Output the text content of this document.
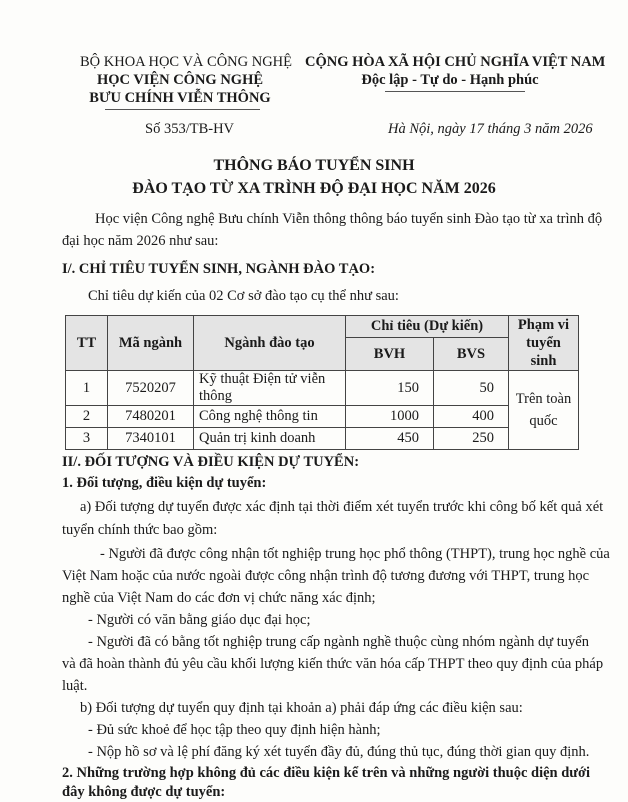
BỘ KHOA HỌC VÀ CÔNG NGHỆ
HỌC VIỆN CÔNG NGHỆ
BƯU CHÍNH VIỄN THÔNG
CỘNG HÒA XÃ HỘI CHỦ NGHĨA VIỆT NAM
Độc lập - Tự do - Hạnh phúc
Số 353/TB-HV	Hà Nội, ngày 17 tháng 3 năm 2026
THÔNG BÁO TUYỂN SINH
ĐÀO TẠO TỪ XA TRÌNH ĐỘ ĐẠI HỌC NĂM 2026
Học viện Công nghệ Bưu chính Viễn thông thông báo tuyển sinh Đào tạo từ xa trình độ
đại học năm 2026 như sau:
I/. CHỈ TIÊU TUYỂN SINH, NGÀNH ĐÀO TẠO:
Chỉ tiêu dự kiến của 02 Cơ sở đào tạo cụ thể như sau:
TT	Mã ngành	Ngành đào tạo	Chỉ tiêu (Dự kiến)		Phạm vi tuyển sinh
			BVH	BVS	
1	7520207	Kỹ thuật Điện tử viễn thông	150	50	Trên toàn quốc
2	7480201	Công nghệ thông tin	1000	400	
3	7340101	Quản trị kinh doanh	450	250	
II/. ĐỐI TƯỢNG VÀ ĐIỀU KIỆN DỰ TUYỂN:
1. Đối tượng, điều kiện dự tuyển:
a) Đối tượng dự tuyển được xác định tại thời điểm xét tuyển trước khi công bố kết quả xét
tuyển chính thức bao gồm:
- Người đã được công nhận tốt nghiệp trung học phổ thông (THPT), trung học nghề của
Việt Nam hoặc của nước ngoài được công nhận trình độ tương đương với THPT, trung học
nghề của Việt Nam do các đơn vị chức năng xác định;
- Người có văn bằng giáo dục đại học;
- Người đã có bằng tốt nghiệp trung cấp ngành nghề thuộc cùng nhóm ngành dự tuyển
và đã hoàn thành đủ yêu cầu khối lượng kiến thức văn hóa cấp THPT theo quy định của pháp
luật.
b) Đối tượng dự tuyển quy định tại khoản a) phải đáp ứng các điều kiện sau:
- Đủ sức khoẻ để học tập theo quy định hiện hành;
- Nộp hồ sơ và lệ phí đăng ký xét tuyển đầy đủ, đúng thủ tục, đúng thời gian quy định.
2. Những trường hợp không đủ các điều kiện kể trên và những người thuộc diện dưới
đây không được dự tuyển:
